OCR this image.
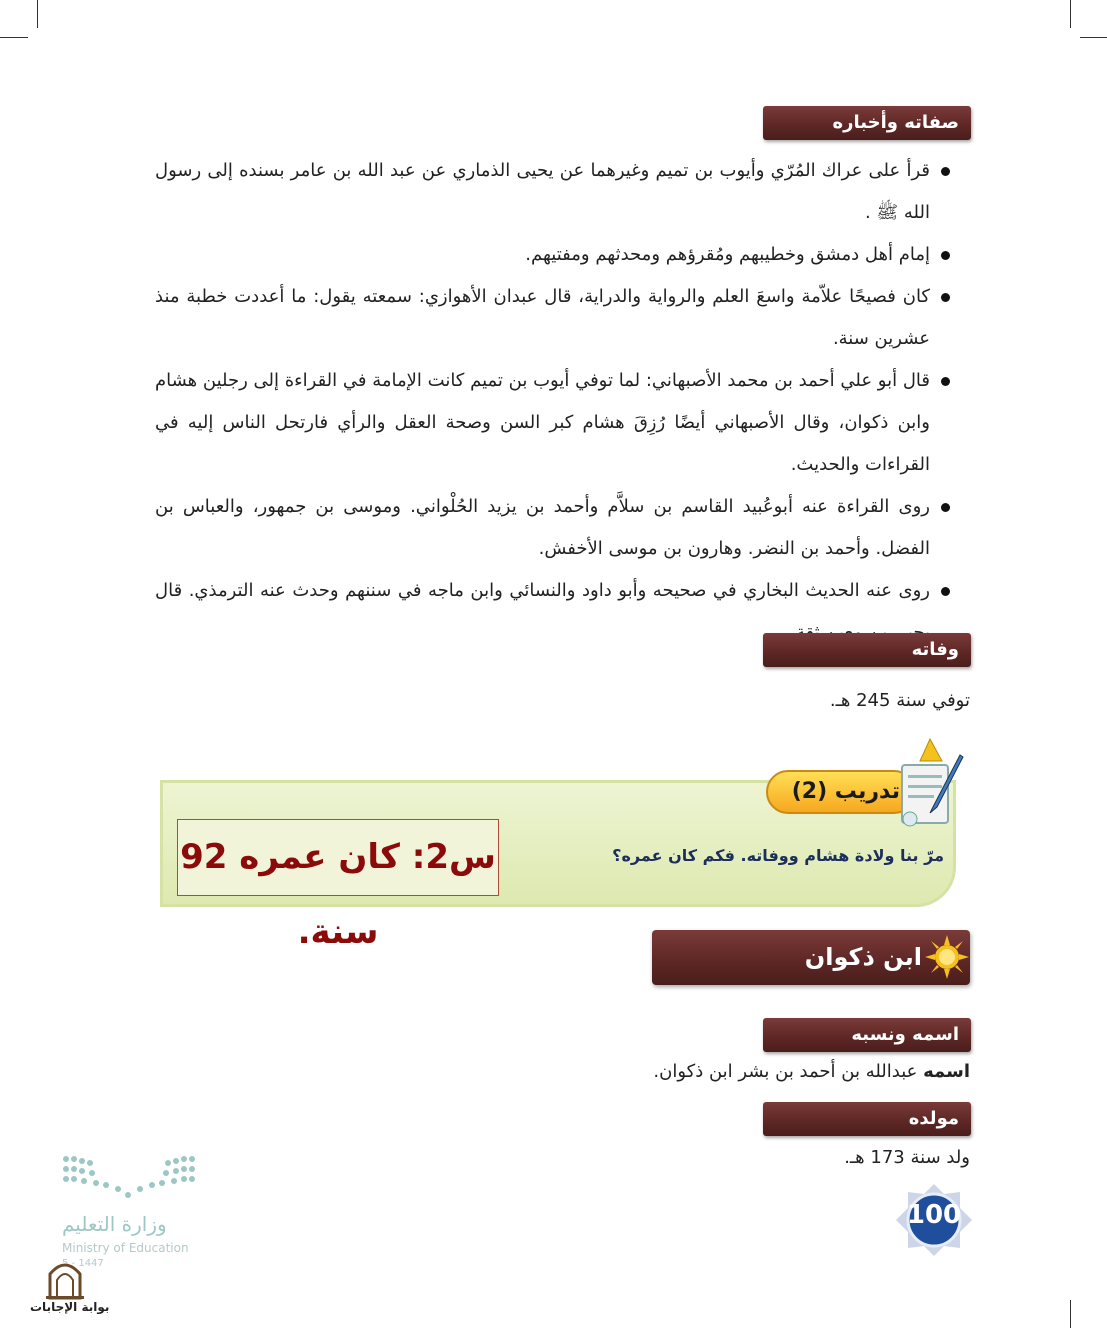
صفاته وأخباره

قرأ على عراك المُرّي وأيوب بن تميم وغيرهما عن يحيى الذماري عن عبد الله بن عامر بسنده إلى رسول الله ﷺ .

إمام أهل دمشق وخطيبهم ومُقرؤهم ومحدثهم ومفتيهم.

كان فصيحًا علاّمة واسعَ العلم والرواية والدراية، قال عبدان الأهوازي: سمعته يقول: ما أعددت خطبة منذ عشرين سنة.

قال أبو علي أحمد بن محمد الأصبهاني: لما توفي أيوب بن تميم كانت الإمامة في القراءة إلى رجلين هشام وابن ذكوان، وقال الأصبهاني أيضًا رُزِقَ هشام كبر السن وصحة العقل والرأي فارتحل الناس إليه في القراءات والحديث.

روى القراءة عنه أبوعُبيد القاسم بن سلاَّم وأحمد بن يزيد الحُلْواني. وموسى بن جمهور، والعباس بن الفضل. وأحمد بن النضر. وهارون بن موسى الأخفش.

روى عنه الحديث البخاري في صحيحه وأبو داود والنسائي وابن ماجه في سننهم وحدث عنه الترمذي. قال

وفاته
توفي سنة 245 هـ.
تدريب (2)
مرّ بنا ولادة هشام ووفاته. فكم كان عمره؟
س2: كان عمره 92 سنة.
ابن ذكوان
اسمه ونسبه
اسمه عبدالله بن أحمد بن بشر ابن ذكوان.
مولده
ولد سنة 173 هـ.
100
وزارة التعليم
Ministry of Education
5 - 1447
بوابة الإجابات
